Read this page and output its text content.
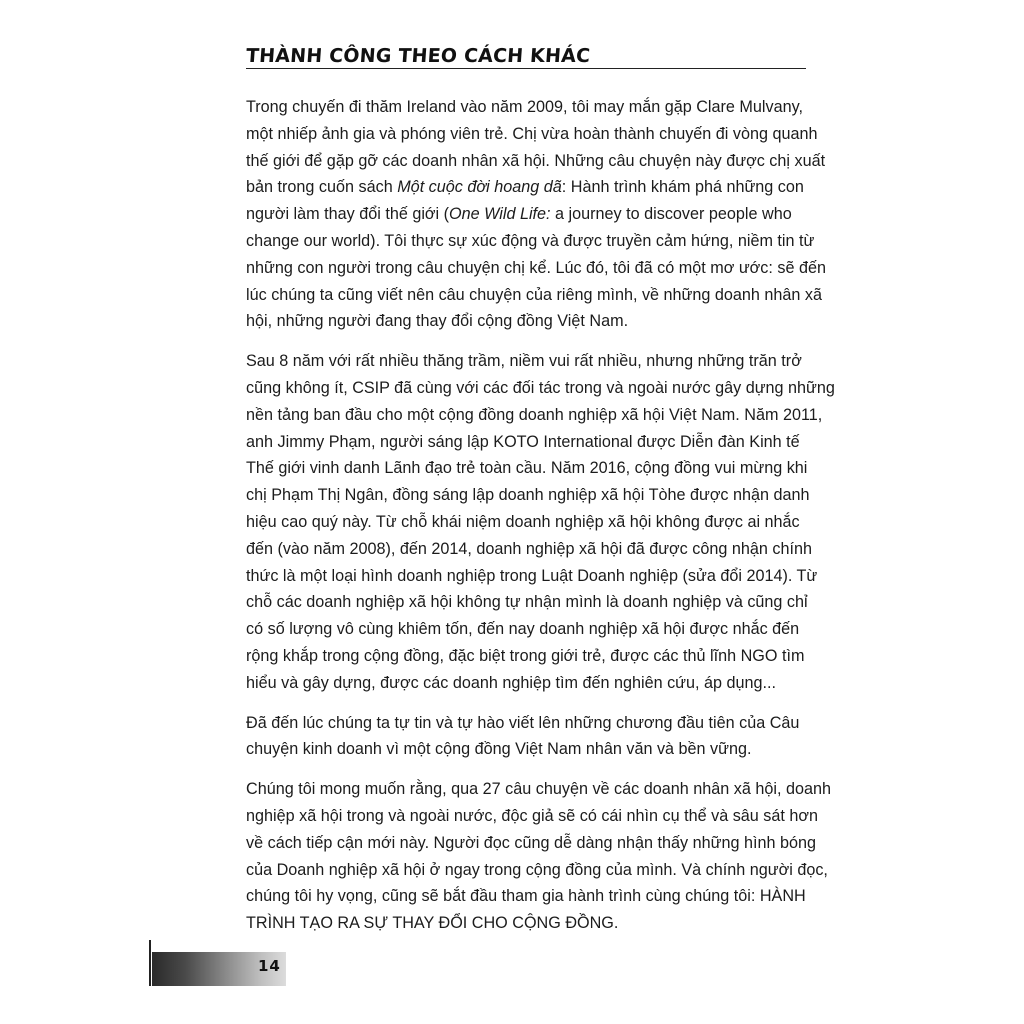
THÀNH CÔNG THEO CÁCH KHÁC

Trong chuyến đi thăm Ireland vào năm 2009, tôi may mắn gặp Clare Mulvany,
một nhiếp ảnh gia và phóng viên trẻ. Chị vừa hoàn thành chuyến đi vòng quanh
thế giới để gặp gỡ các doanh nhân xã hội. Những câu chuyện này được chị xuất
bản trong cuốn sách Một cuộc đời hoang dã: Hành trình khám phá những con
người làm thay đổi thế giới (One Wild Life: a journey to discover people who
change our world). Tôi thực sự xúc động và được truyền cảm hứng, niềm tin từ
những con người trong câu chuyện chị kể. Lúc đó, tôi đã có một mơ ước: sẽ đến
lúc chúng ta cũng viết nên câu chuyện của riêng mình, về những doanh nhân xã
hội, những người đang thay đổi cộng đồng Việt Nam.

Sau 8 năm với rất nhiều thăng trầm, niềm vui rất nhiều, nhưng những trăn trở
cũng không ít, CSIP đã cùng với các đối tác trong và ngoài nước gây dựng những
nền tảng ban đầu cho một cộng đồng doanh nghiệp xã hội Việt Nam. Năm 2011,
anh Jimmy Phạm, người sáng lập KOTO International được Diễn đàn Kinh tế
Thế giới vinh danh Lãnh đạo trẻ toàn cầu. Năm 2016, cộng đồng vui mừng khi
chị Phạm Thị Ngân, đồng sáng lập doanh nghiệp xã hội Tòhe được nhận danh
hiệu cao quý này. Từ chỗ khái niệm doanh nghiệp xã hội không được ai nhắc
đến (vào năm 2008), đến 2014, doanh nghiệp xã hội đã được công nhận chính
thức là một loại hình doanh nghiệp trong Luật Doanh nghiệp (sửa đổi 2014). Từ
chỗ các doanh nghiệp xã hội không tự nhận mình là doanh nghiệp và cũng chỉ
có số lượng vô cùng khiêm tốn, đến nay doanh nghiệp xã hội được nhắc đến
rộng khắp trong cộng đồng, đặc biệt trong giới trẻ, được các thủ lĩnh NGO tìm
hiểu và gây dựng, được các doanh nghiệp tìm đến nghiên cứu, áp dụng...

Đã đến lúc chúng ta tự tin và tự hào viết lên những chương đầu tiên của Câu
chuyện kinh doanh vì một cộng đồng Việt Nam nhân văn và bền vững.

Chúng tôi mong muốn rằng, qua 27 câu chuyện về các doanh nhân xã hội, doanh
nghiệp xã hội trong và ngoài nước, độc giả sẽ có cái nhìn cụ thể và sâu sát hơn
về cách tiếp cận mới này. Người đọc cũng dễ dàng nhận thấy những hình bóng
của Doanh nghiệp xã hội ở ngay trong cộng đồng của mình. Và chính người đọc,
chúng tôi hy vọng, cũng sẽ bắt đầu tham gia hành trình cùng chúng tôi: HÀNH
TRÌNH TẠO RA SỰ THAY ĐỔI CHO CỘNG ĐỒNG.

14
